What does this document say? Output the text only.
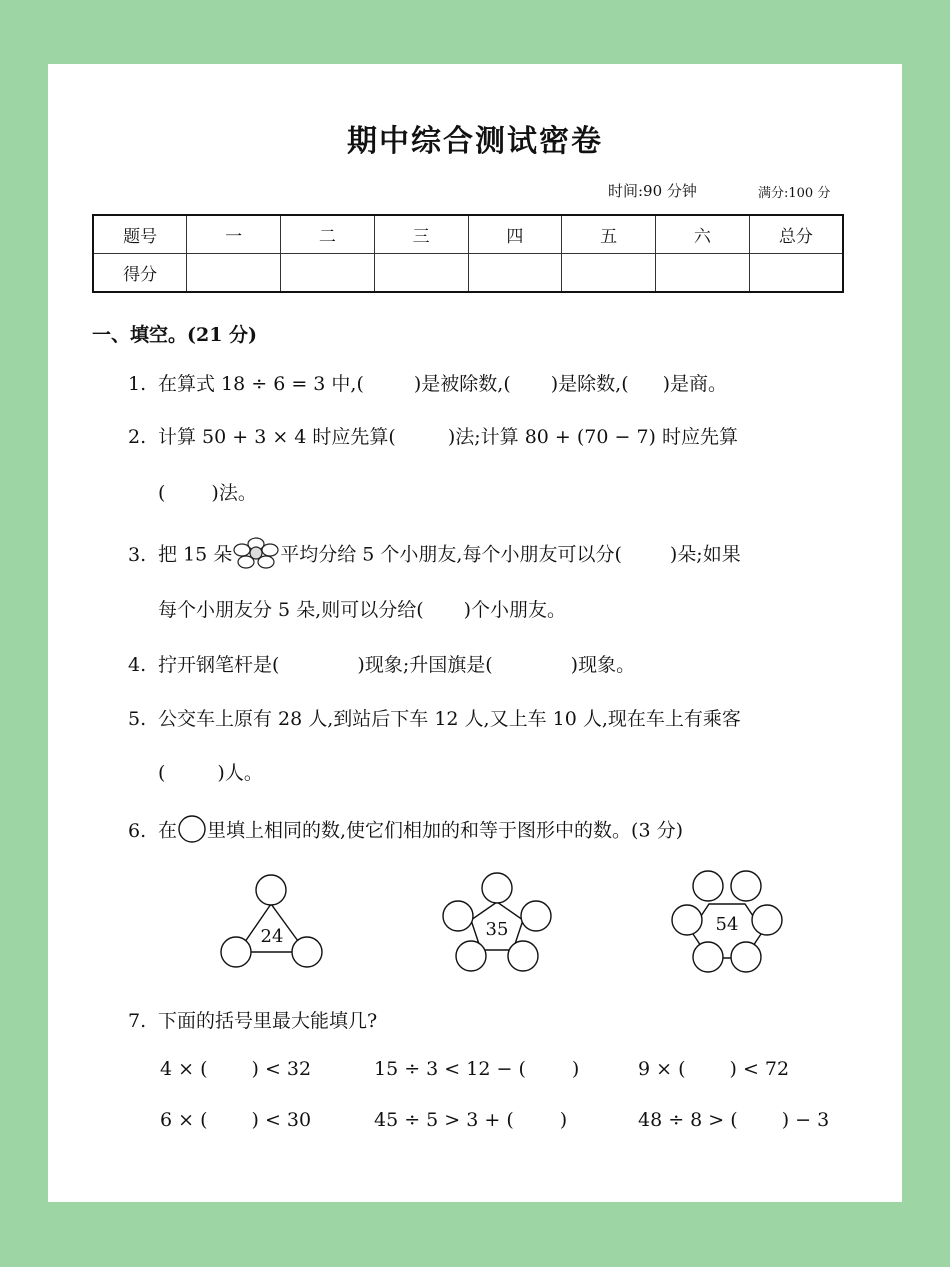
期中综合测试密卷
时间:90 分钟	满分:100 分
题号	一	二	三	四	五	六	总分
得分							
一、填空。(21 分)
1. 在算式 18 ÷ 6 = 3 中,(	)是被除数,( )是除数,( )是商。
2. 计算 50 + 3 × 4 时应先算(	)法;计算 80 + (70 − 7) 时应先算
( )法。
3. 把 15 朵	平均分给 5 个小朋友,每个小朋友可以分(	)朵;如果
每个小朋友分 5 朵,则可以分给( )个小朋友。
4. 拧开钢笔杆是(	)现象;升国旗是(	)现象。
5. 公交车上原有 28 人,到站后下车 12 人,又上车 10 人,现在车上有乘客
(	)人。
6. 在 里填上相同的数,使它们相加的和等于图形中的数。(3 分)
24	35	54
7. 下面的括号里最大能填几?
4 × ( ) < 32	15 ÷ 3 < 12 − ( )	9 × ( ) < 72
6 × ( ) < 30	45 ÷ 5 > 3 + ( )	48 ÷ 8 > ( ) − 3
